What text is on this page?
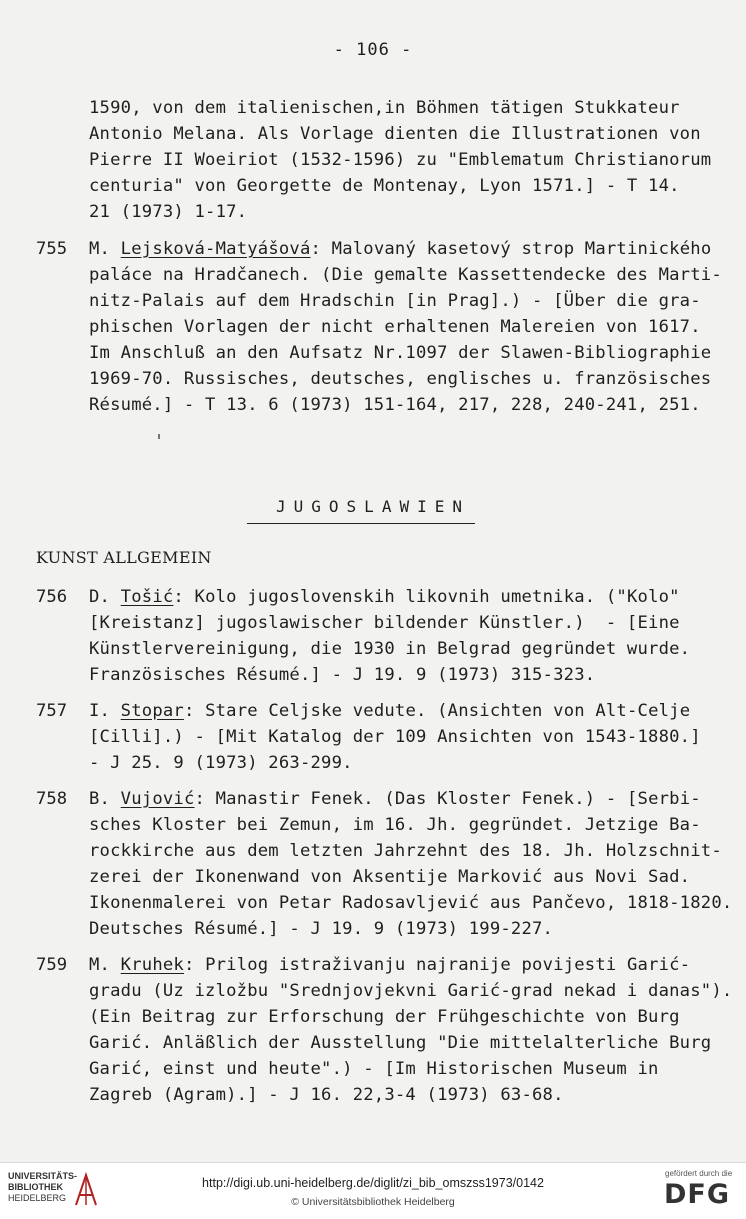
- 106 -
1590, von dem italienischen,in Böhmen tätigen Stukkateur
Antonio Melana. Als Vorlage dienten die Illustrationen von
Pierre II Woeiriot (1532-1596) zu "Emblematum Christianorum
centuria" von Georgette de Montenay, Lyon 1571.] - T 14.
21 (1973) 1-17.
755 M. Lejsková-Matyášová: Malovaný kasetový strop Martinického
paláce na Hradčanech. (Die gemalte Kassettendecke des Marti-
nitz-Palais auf dem Hradschin [in Prag].) - [Über die gra-
phischen Vorlagen der nicht erhaltenen Malereien von 1617.
Im Anschluß an den Aufsatz Nr.1097 der Slawen-Bibliographie
1969-70. Russisches, deutsches, englisches u. französisches
Résumé.] - T 13. 6 (1973) 151-164, 217, 228, 240-241, 251.
JUGOSLAWIEN
KUNST ALLGEMEIN
756 D. Tošić: Kolo jugoslovenskih likovnih umetnika. ("Kolo"
[Kreistanz] jugoslawischer bildender Künstler.)  - [Eine
Künstlervereinigung, die 1930 in Belgrad gegründet wurde.
Französisches Résumé.] - J 19. 9 (1973) 315-323.
757 I. Stopar: Stare Celjske vedute. (Ansichten von Alt-Celje
[Cilli].) - [Mit Katalog der 109 Ansichten von 1543-1880.]
- J 25. 9 (1973) 263-299.
758 B. Vujović: Manastir Fenek. (Das Kloster Fenek.) - [Serbi-
sches Kloster bei Zemun, im 16. Jh. gegründet. Jetzige Ba-
rockkirche aus dem letzten Jahrzehnt des 18. Jh. Holzschnit-
zerei der Ikonenwand von Aksentije Marković aus Novi Sad.
Ikonenmalerei von Petar Radosavljević aus Pančevo, 1818-1820.
Deutsches Résumé.] - J 19. 9 (1973) 199-227.
759 M. Kruhek: Prilog istraživanju najranije povijesti Garić-
gradu (Uz izložbu "Srednjovjekvni Garić-grad nekad i danas").
(Ein Beitrag zur Erforschung der Frühgeschichte von Burg
Garić. Anläßlich der Ausstellung "Die mittelalterliche Burg
Garić, einst und heute".) - [Im Historischen Museum in
Zagreb (Agram).] - J 16. 22,3-4 (1973) 63-68.
UNIVERSITÄTS-
BIBLIOTHEK
HEIDELBERG
http://digi.ub.uni-heidelberg.de/diglit/zi_bib_omszss1973/0142
© Universitätsbibliothek Heidelberg
gefördert durch die
DFG
